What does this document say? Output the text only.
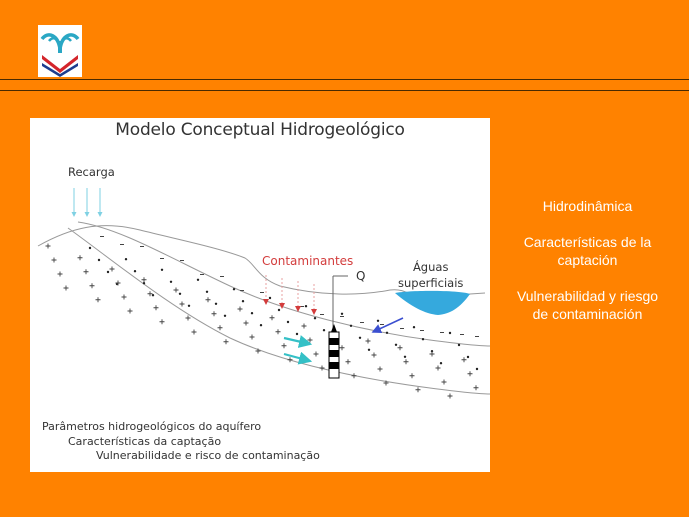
Modelo Conceptual Hidrogeológico
Recarga
Contaminantes
Q
Águas
superficiais
Parâmetros hidrogeológicos do aquífero
Características da captação
Vulnerabilidade e risco de contaminação

Hidrodinâmica

Características de la captación

Vulnerabilidad y riesgo de contaminación
